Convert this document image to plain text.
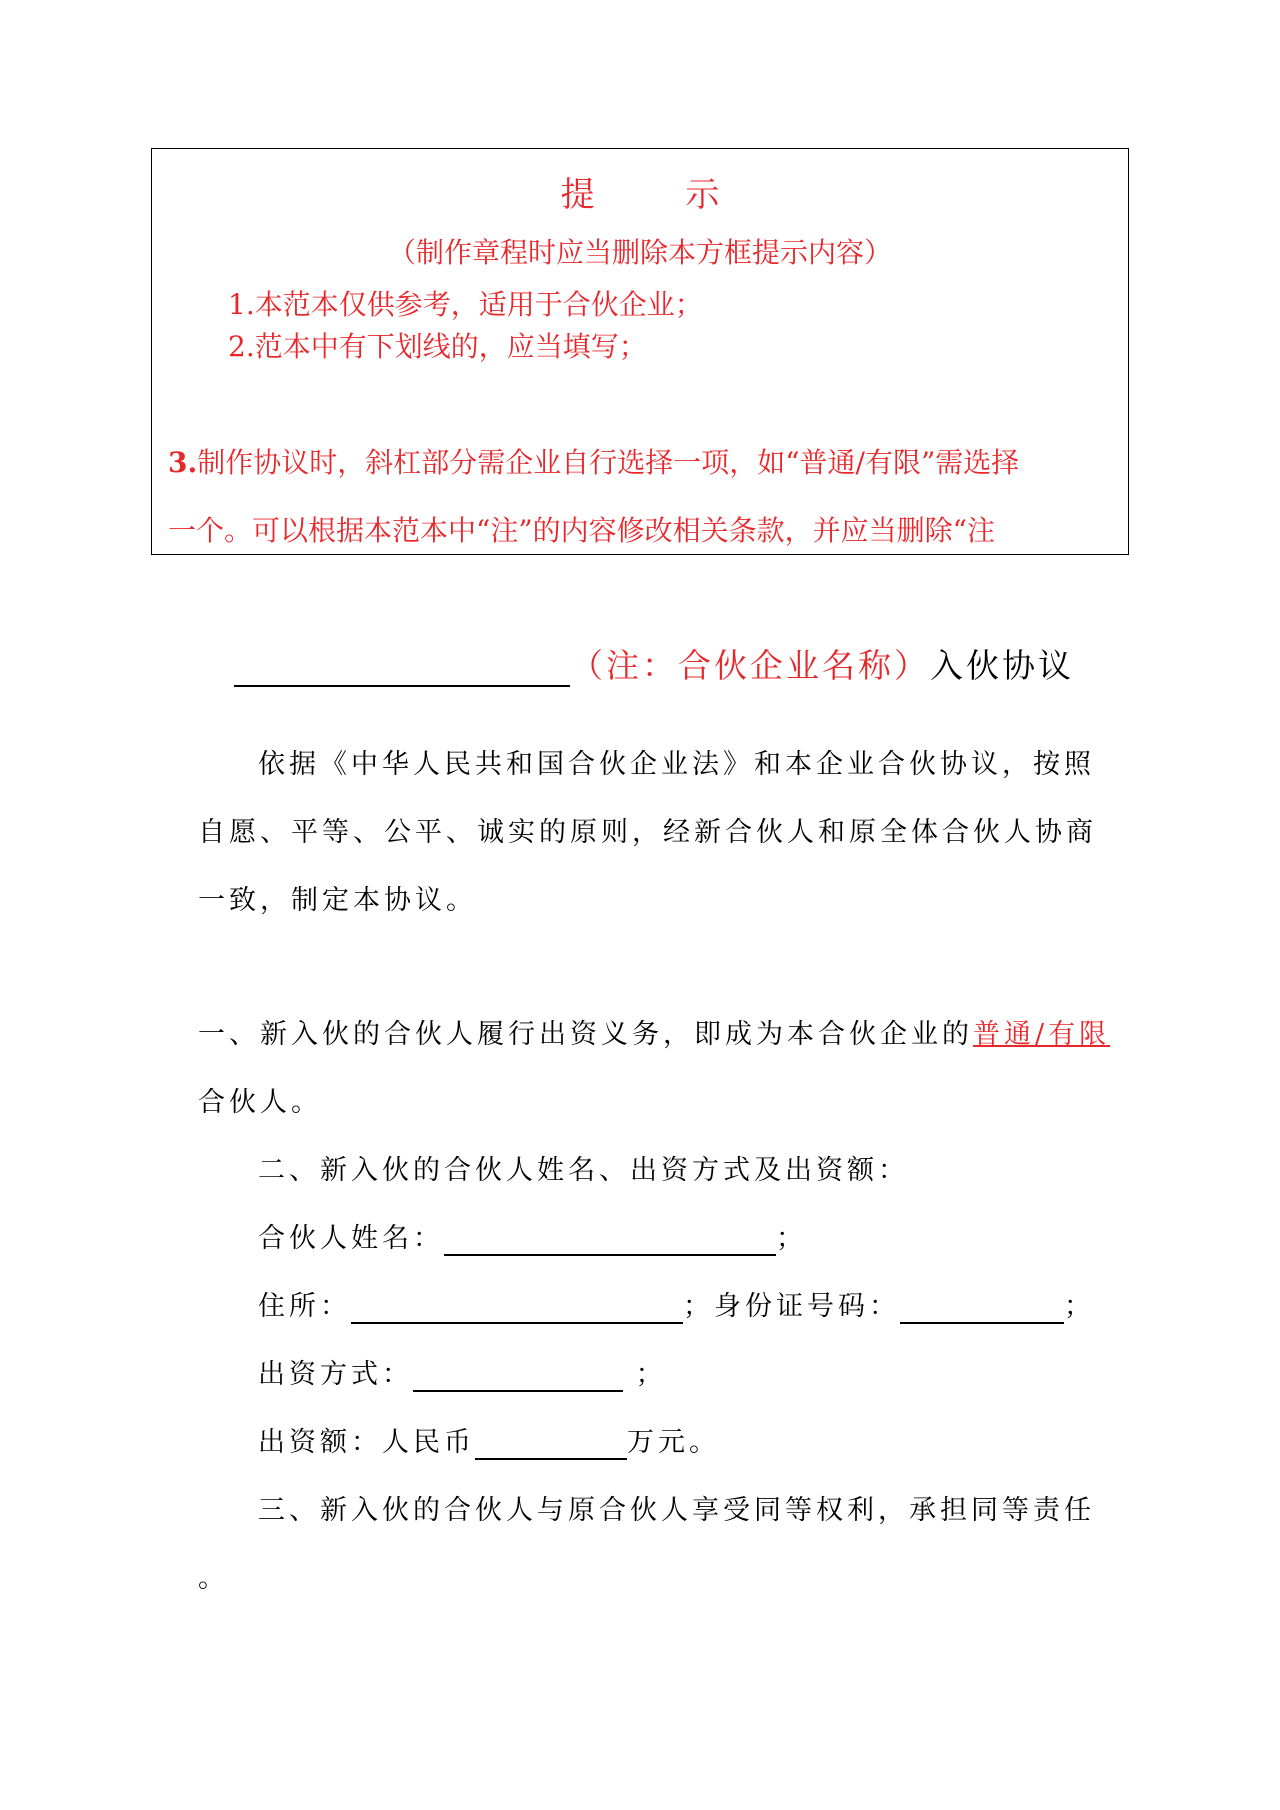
提 示
（制作章程时应当删除本方框提示内容）
1.本范本仅供参考，适用于合伙企业；
2.范本中有下划线的，应当填写；
3.制作协议时，斜杠部分需企业自行选择一项，如“普通/有限”需选择
一个。可以根据本范本中“注”的内容修改相关条款，并应当删除“注
（注：合伙企业名称）入伙协议
依据《中华人民共和国合伙企业法》和本企业合伙协议，按照
自愿、平等、公平、诚实的原则，经新合伙人和原全体合伙人协商
一致，制定本协议。
一、新入伙的合伙人履行出资义务，即成为本合伙企业的普通/有限
合伙人。
二、新入伙的合伙人姓名、出资方式及出资额：
合伙人姓名：	；
住所：	；身份证号码：	；
出资方式：	；
出资额：人民币	万元。
三、新入伙的合伙人与原合伙人享受同等权利，承担同等责任
。
